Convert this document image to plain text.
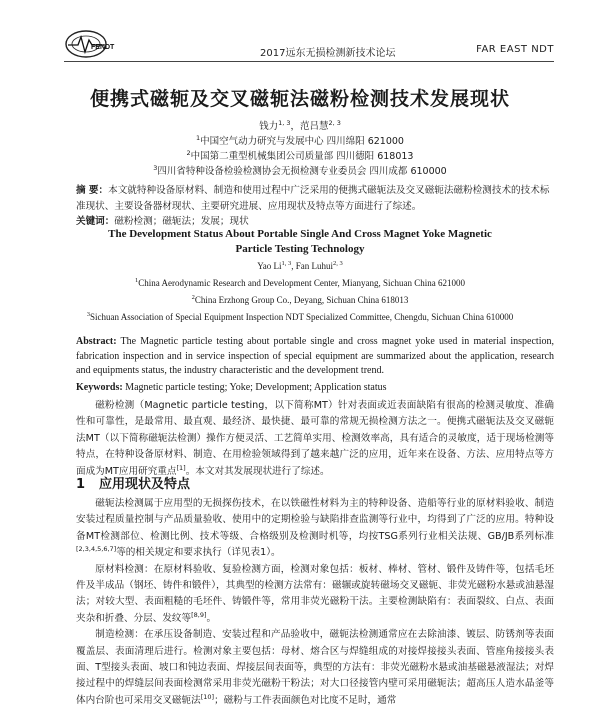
FENDT
2017远东无损检测新技术论坛	FAR EAST NDT
便携式磁轭及交叉磁轭法磁粉检测技术发展现状
钱力$^{1, 3}$，范吕慧$^{2, 3}$
$^1$中国空气动力研究与发展中心 四川绵阳 621000
$^2$中国第二重型机械集团公司质量部 四川德阳 618013
$^3$四川省特种设备检验检测协会无损检测专业委员会 四川成都 610000
摘 要：本文就特种设备原材料、制造和使用过程中广泛采用的便携式磁轭法及交叉磁轭法磁粉检测技术的技术标准现状、主要设备器材现状、主要研究进展、应用现状及特点等方面进行了综述。
关键词：磁粉检测；磁轭法；发展；现状
The Development Status About Portable Single And Cross Magnet Yoke Magnetic Particle Testing Technology
Yao Li$^{1, 3}$, Fan Luhui$^{2, 3}$
$^1$China Aerodynamic Research and Development Center, Mianyang, Sichuan China 621000
$^2$China Erzhong Group Co., Deyang, Sichuan China 618013
$^3$Sichuan Association of Special Equipment Inspection NDT Specialized Committee, Chengdu, Sichuan China 610000
Abstract: The Magnetic particle testing about portable single and cross magnet yoke used in material inspection, fabrication inspection and in service inspection of special equipment are summarized about the application, research and equipments status, the industry characteristic and the development trend.
Keywords: Magnetic particle testing; Yoke; Development; Application status

磁粉检测（Magnetic particle testing，以下简称MT）针对表面或近表面缺陷有很高的检测灵敏度、准确性和可靠性，是最常用、最直观、最经济、最快捷、最可靠的常规无损检测方法之一。便携式磁轭法及交叉磁轭法MT（以下简称磁轭法检测）操作方便灵活、工艺简单实用、检测效率高，具有适合的灵敏度，适于现场检测等特点，在特种设备原材料、制造、在用检验领域得到了越来越广泛的应用，近年来在设备、方法、应用特点等方面成为MT应用研究重点[1]。本文对其发展现状进行了综述。

1 应用现状及特点

磁轭法检测属于应用型的无损探伤技术，在以铁磁性材料为主的特种设备、造船等行业的原材料验收、制造安装过程质量控制与产品质量验收、使用中的定期检验与缺陷排查监测等行业中，均得到了广泛的应用。特种设备MT检测部位、检测比例、技术等级、合格级别及检测时机等，均按TSG系列行业相关法规、GB/JB系列标准[2,3,4,5,6,7]等的相关规定和要求执行（详见表1）。

原材料检测：在原材料验收、复验检测方面，检测对象包括：板材、棒材、管材、锻件及铸件等，包括毛坯件及半成品（钢坯、铸件和锻件），其典型的检测方法常有：磁辗或旋转磁场交叉磁轭、非荧光磁粉水悬或油悬湿法；对较大型、表面粗糙的毛坯件、铸锻件等，常用非荧光磁粉干法。主要检测缺陷有：表面裂纹、白点、表面夹杂和折叠、分层、发纹等[8,9]。

制造检测：在承压设备制造、安装过程和产品验收中，磁轭法检测通常应在去除油漆、镀层、防锈剂等表面覆盖层、表面清理后进行。检测对象主要包括：母材、熔合区与焊缝组成的对接焊接接头表面、管座角接接头表面、T型接头表面、坡口和钝边表面、焊接层间表面等，典型的方法有：非荧光磁粉水悬或油基磁悬液湿法；对焊接过程中的焊缝层间表面检测常采用非荧光磁粉干粉法；对大口径接管内壁可采用磁轭法；超高压人造水晶釜等体内台阶也可采用交叉磁轭法[10]；磁粉与工件表面颜色对比度不足时，通常
